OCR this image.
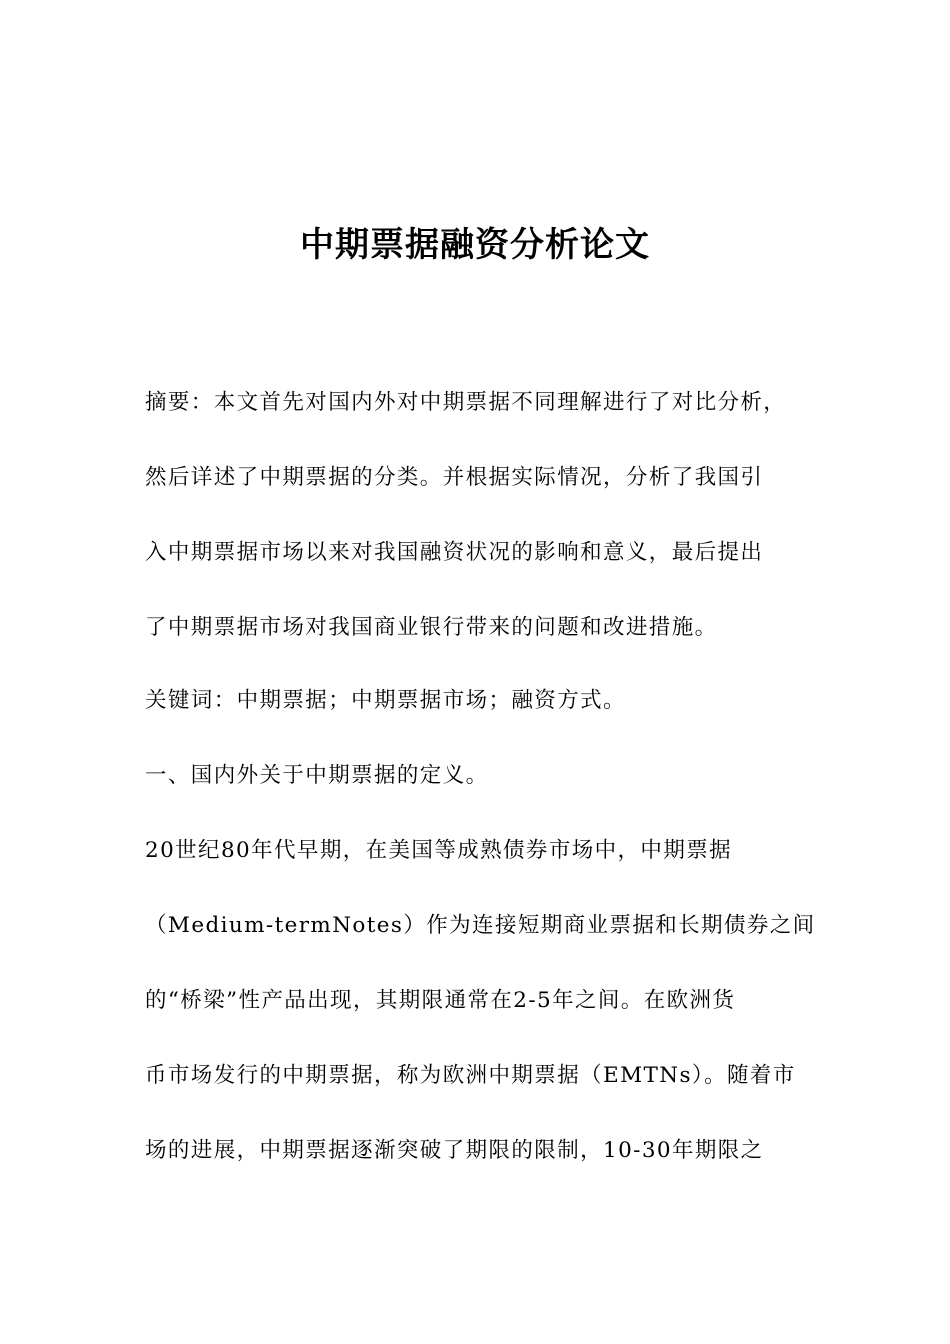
中期票据融资分析论文
摘要：本文首先对国内外对中期票据不同理解进行了对比分析，
然后详述了中期票据的分类。并根据实际情况，分析了我国引
入中期票据市场以来对我国融资状况的影响和意义，最后提出
了中期票据市场对我国商业银行带来的问题和改进措施。
关键词：中期票据；中期票据市场；融资方式。
一、国内外关于中期票据的定义。
20世纪80年代早期，在美国等成熟债券市场中，中期票据
（Medium-termNotes）作为连接短期商业票据和长期债券之间
的“桥梁”性产品出现，其期限通常在2-5年之间。在欧洲货
币市场发行的中期票据，称为欧洲中期票据（EMTNs）。随着市
场的进展，中期票据逐渐突破了期限的限制，10-30年期限之
